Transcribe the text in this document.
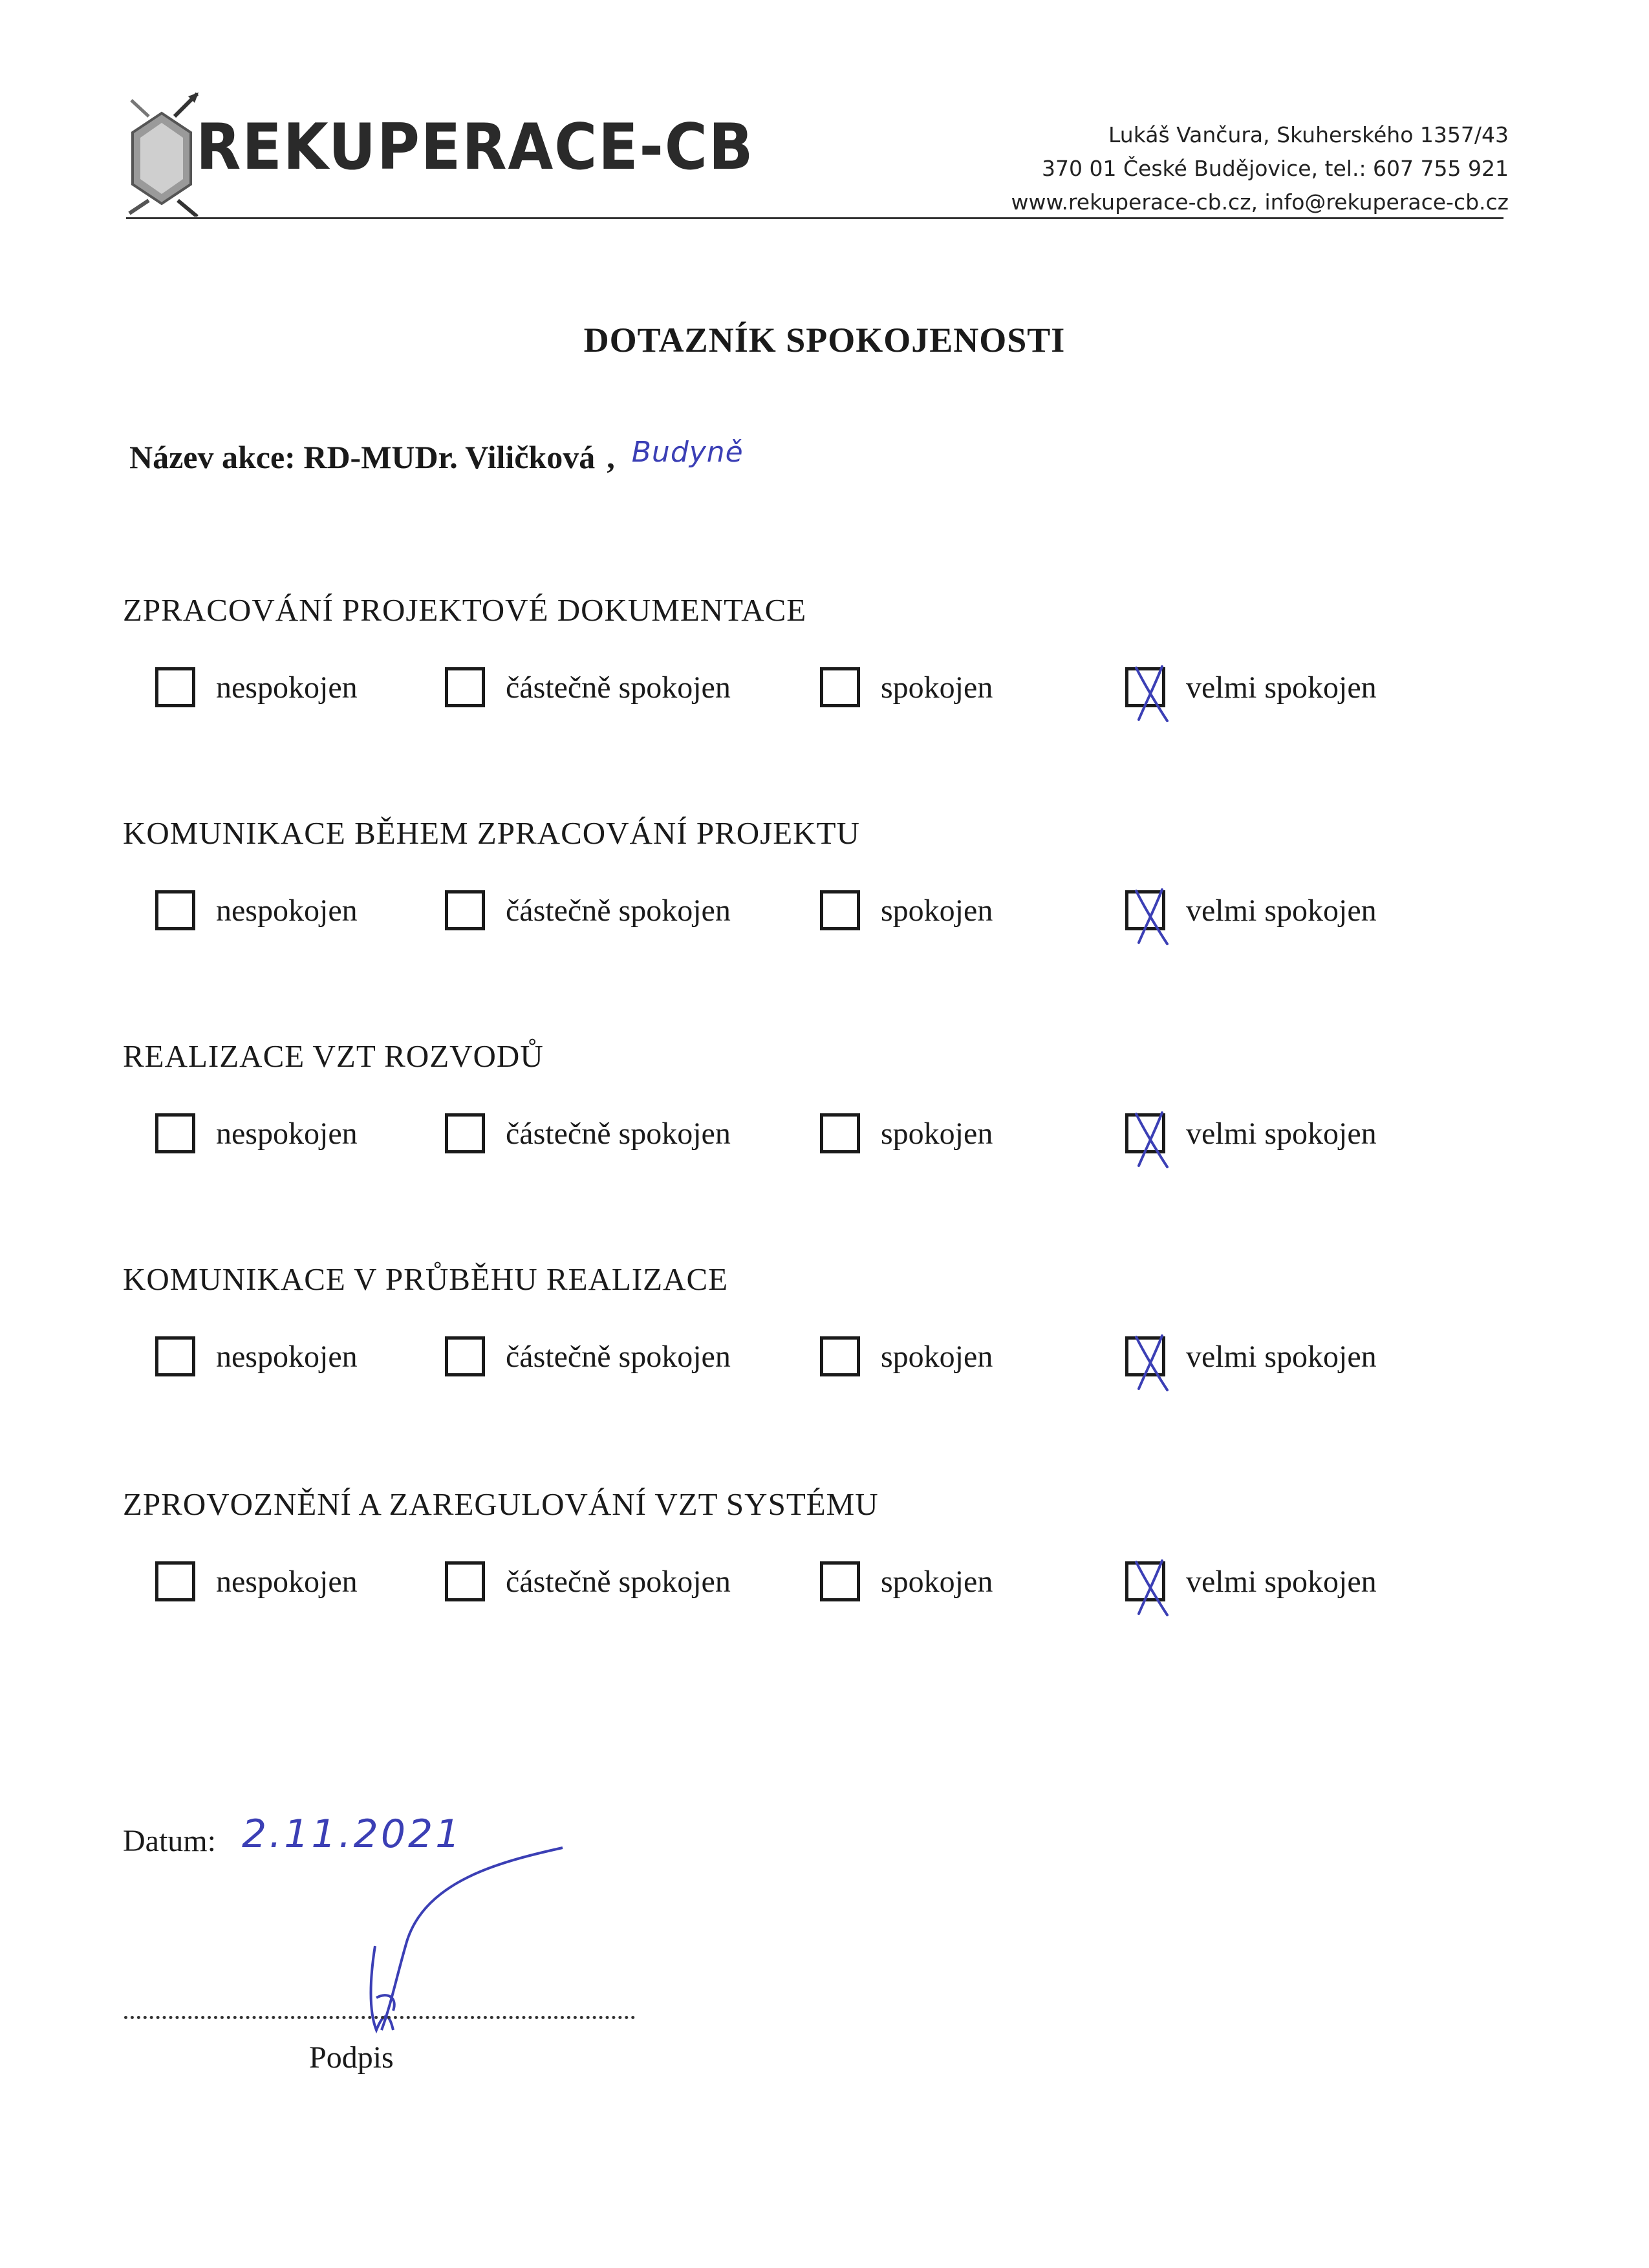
REKUPERACE-CB	Lukáš Vančura, Skuherského 1357/43
370 01 České Budějovice, tel.: 607 755 921
www.rekuperace-cb.cz, info@rekuperace-cb.cz
DOTAZNÍK SPOKOJENOSTI
Název akce: RD-MUDr. Viličková , Budyně
ZPRACOVÁNÍ PROJEKTOVÉ DOKUMENTACE
nespokojen	částečně spokojen	spokojen	velmi spokojen
KOMUNIKACE BĚHEM ZPRACOVÁNÍ PROJEKTU
nespokojen	částečně spokojen	spokojen	velmi spokojen
REALIZACE VZT ROZVODŮ
nespokojen	částečně spokojen	spokojen	velmi spokojen
KOMUNIKACE V PRŮBĚHU REALIZACE
nespokojen	částečně spokojen	spokojen	velmi spokojen
ZPROVOZNĚNÍ A ZAREGULOVÁNÍ VZT SYSTÉMU
nespokojen	částečně spokojen	spokojen	velmi spokojen
Datum: 2.11.2021
Podpis
